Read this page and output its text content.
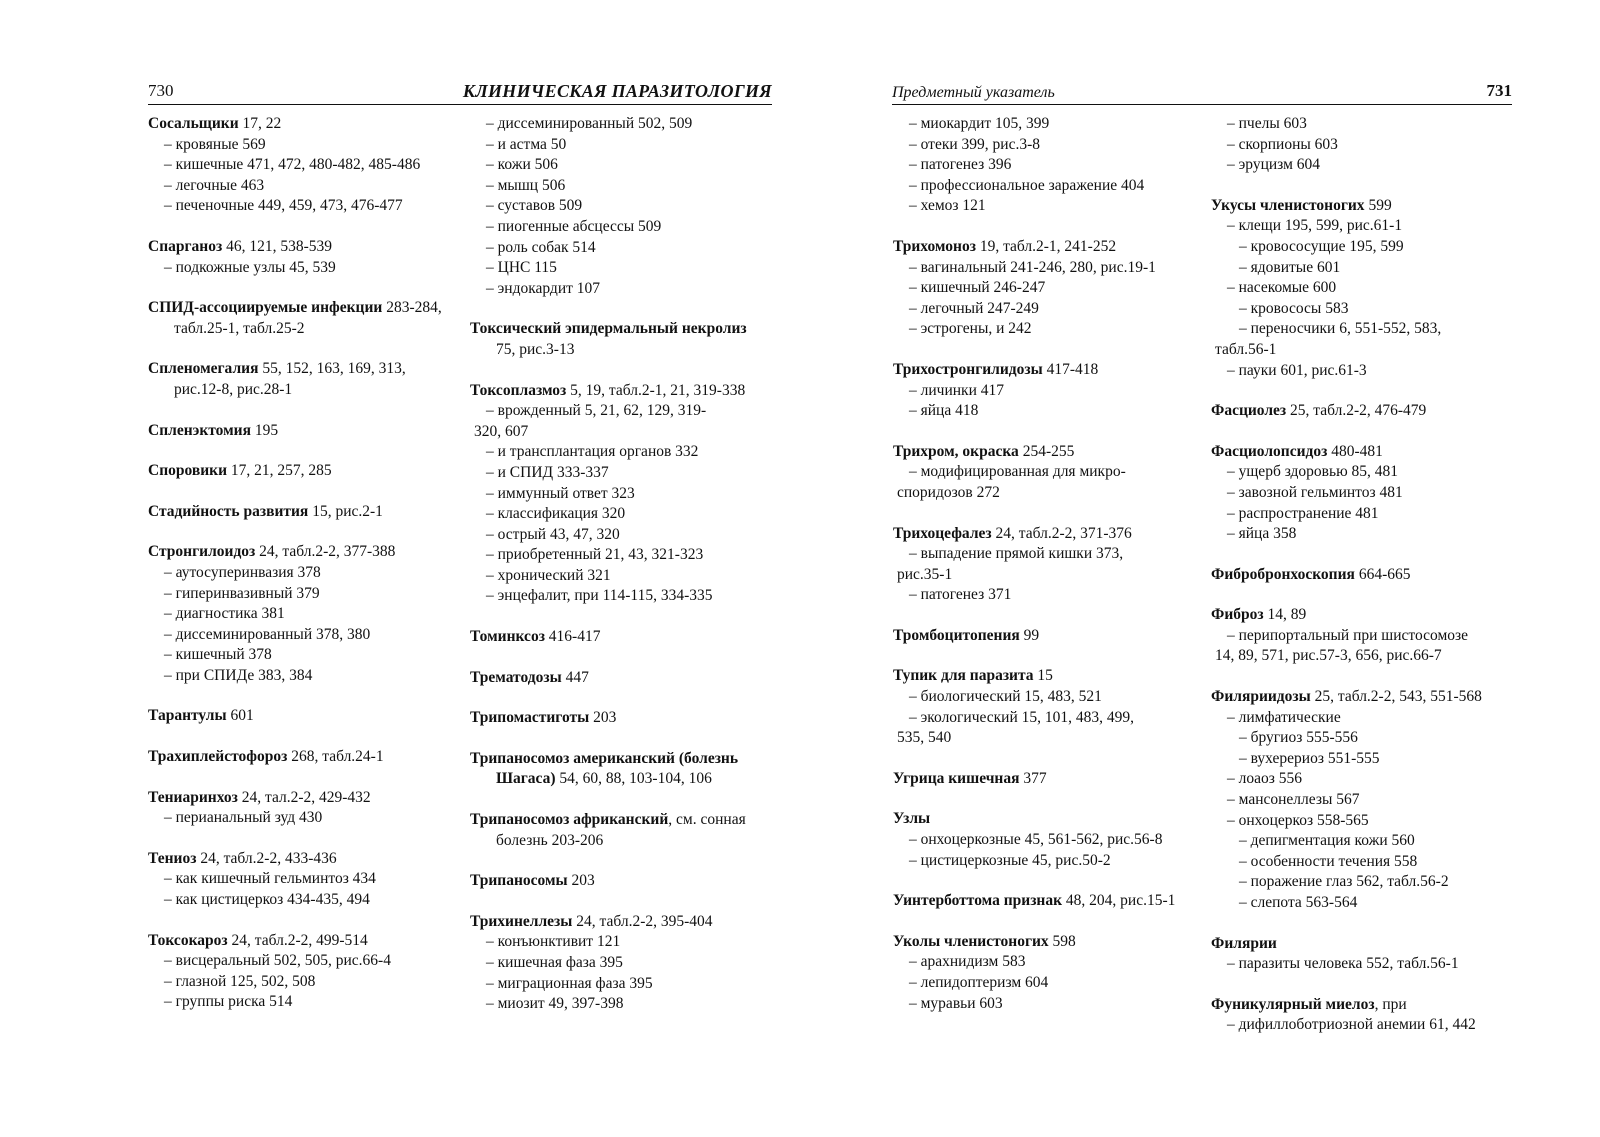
730	КЛИНИЧЕСКАЯ ПАРАЗИТОЛОГИЯ
Сосальщики 17, 22
– кровяные 569
– кишечные 471, 472, 480-482, 485-486
– легочные 463
– печеночные 449, 459, 473, 476-477
Спарганоз 46, 121, 538-539
– подкожные узлы 45, 539
СПИД-ассоциируемые инфекции 283-284, табл.25-1, табл.25-2
Спленомегалия 55, 152, 163, 169, 313, рис.12-8, рис.28-1
Спленэктомия 195
Споровики 17, 21, 257, 285
Стадийность развития 15, рис.2-1
Стронгилоидоз 24, табл.2-2, 377-388
– аутосуперинвазия 378
– гиперинвазивный 379
– диагностика 381
– диссеминированный 378, 380
– кишечный 378
– при СПИДе 383, 384
Тарантулы 601
Трахиплейстофороз 268, табл.24-1
Тениаринхоз 24, тал.2-2, 429-432
– перианальный зуд 430
Тениоз 24, табл.2-2, 433-436
– как кишечный гельминтоз 434
– как цистицеркоз 434-435, 494
Токсокароз 24, табл.2-2, 499-514
– висцеральный 502, 505, рис.66-4
– глазной 125, 502, 508
– группы риска 514
– диссеминированный 502, 509
– и астма 50
– кожи 506
– мышц 506
– суставов 509
– пиогенные абсцессы 509
– роль собак 514
– ЦНС 115
– эндокардит 107
Токсический эпидермальный некролиз 75, рис.3-13
Токсоплазмоз 5, 19, табл.2-1, 21, 319-338
– врожденный 5, 21, 62, 129, 319-
320, 607
– и трансплантация органов 332
– и СПИД 333-337
– иммунный ответ 323
– классификация 320
– острый 43, 47, 320
– приобретенный 21, 43, 321-323
– хронический 321
– энцефалит, при 114-115, 334-335
Томинксоз 416-417
Трематодозы 447
Трипомастиготы 203
Трипаносомоз американский (болезнь Шагаса) 54, 60, 88, 103-104, 106
Трипаносомоз африканский, см. сонная болезнь 203-206
Трипаносомы 203
Трихинеллезы 24, табл.2-2, 395-404
– конъюнктивит 121
– кишечная фаза 395
– миграционная фаза 395
– миозит 49, 397-398
Предметный указатель	731
– миокардит 105, 399
– отеки 399, рис.3-8
– патогенез 396
– профессиональное заражение 404
– хемоз 121
Трихомоноз 19, табл.2-1, 241-252
– вагинальный 241-246, 280, рис.19-1
– кишечный 246-247
– легочный 247-249
– эстрогены, и 242
Трихостронгилидозы 417-418
– личинки 417
– яйца 418
Трихром, окраска 254-255
– модифицированная для микро-
споридозов 272
Трихоцефалез 24, табл.2-2, 371-376
– выпадение прямой кишки 373,
рис.35-1
– патогенез 371
Тромбоцитопения 99
Тупик для паразита 15
– биологический 15, 483, 521
– экологический 15, 101, 483, 499,
535, 540
Угрица кишечная 377
Узлы
– онхоцеркозные 45, 561-562, рис.56-8
– цистицеркозные 45, рис.50-2
Уинтерботтома признак 48, 204, рис.15-1
Уколы членистоногих 598
– арахнидизм 583
– лепидоптеризм 604
– муравьи 603
– пчелы 603
– скорпионы 603
– эруцизм 604
Укусы членистоногих 599
– клещи 195, 599, рис.61-1
– кровососущие 195, 599
– ядовитые 601
– насекомые 600
– кровососы 583
– переносчики 6, 551-552, 583,
табл.56-1
– пауки 601, рис.61-3
Фасциолез 25, табл.2-2, 476-479
Фасциолопсидоз 480-481
– ущерб здоровью 85, 481
– завозной гельминтоз 481
– распространение 481
– яйца 358
Фибробронхоскопия 664-665
Фиброз 14, 89
– перипортальный при шистосомозе
14, 89, 571, рис.57-3, 656, рис.66-7
Филяриидозы 25, табл.2-2, 543, 551-568
– лимфатические
– бругиоз 555-556
– вухерериоз 551-555
– лоаоз 556
– мансонеллезы 567
– онхоцеркоз 558-565
– депигментация кожи 560
– особенности течения 558
– поражение глаз 562, табл.56-2
– слепота 563-564
Филярии
– паразиты человека 552, табл.56-1
Фуникулярный миелоз, при
– дифиллоботриозной анемии 61, 442
